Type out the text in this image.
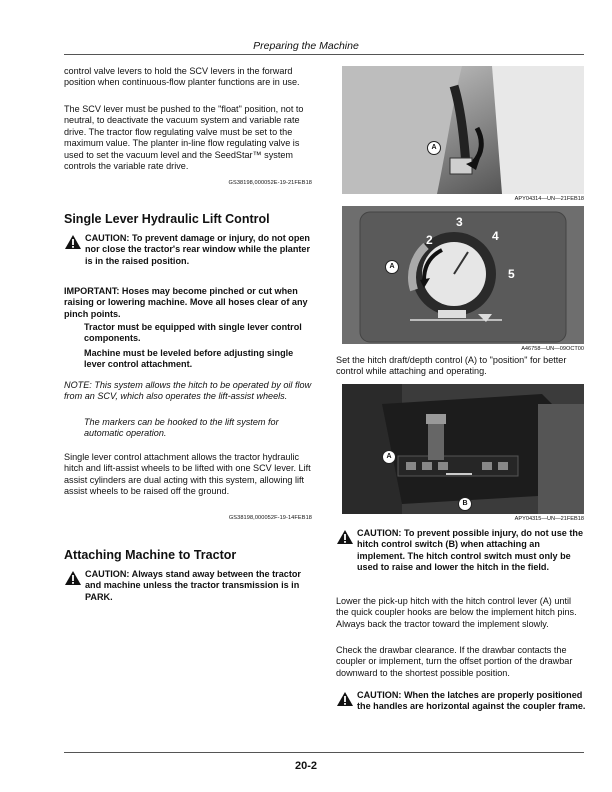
Preparing the Machine

control valve levers to hold the SCV levers in the forward position when continuous-flow planter functions are in use.

The SCV lever must be pushed to the "float" position, not to neutral, to deactivate the vacuum system and variable rate drive. The tractor flow regulating valve must be set to the maximum value. The planter in-line flow regulating valve is used to set the vacuum level and the SeedStar™ system controls the variable rate drive.

GS38198,000052E-19-21FEB18
Single Lever Hydraulic Lift Control
CAUTION: To prevent damage or injury, do not open nor close the tractor's rear window while the planter is in the raised position.
IMPORTANT: Hoses may become pinched or cut when raising or lowering machine. Move all hoses clear of any pinch points.
Tractor must be equipped with single lever control components.
Machine must be leveled before adjusting single lever control attachment.
NOTE: This system allows the hitch to be operated by oil flow from an SCV, which also operates the lift-assist wheels.
The markers can be hooked to the lift system for automatic operation.

Single lever control attachment allows the tractor hydraulic hitch and lift-assist wheels to be lifted with one SCV lever. Lift assist cylinders are dual acting with this system, allowing lift assist wheels to be raised off the ground.

GS38198,000052F-19-14FEB18
Attaching Machine to Tractor
CAUTION: Always stand away between the tractor and machine unless the tractor transmission is in PARK.
A
APY04314—UN—21FEB18
2
3
4
5
A
A46758—UN—09OCT00

Set the hitch draft/depth control (A) to "position" for better control while attaching and operating.

A
B
APY04315—UN—21FEB18
CAUTION: To prevent possible injury, do not use the hitch control switch (B) when attaching an implement. The hitch control switch must only be used to raise and lower the hitch in the field.

Lower the pick-up hitch with the hitch control lever (A) until the quick coupler hooks are below the implement hitch pins. Always back the tractor toward the implement slowly.

Check the drawbar clearance. If the drawbar contacts the coupler or implement, turn the offset portion of the drawbar downward to the shortest possible position.

CAUTION: When the latches are properly positioned the handles are horizontal against the coupler frame.
20-2
